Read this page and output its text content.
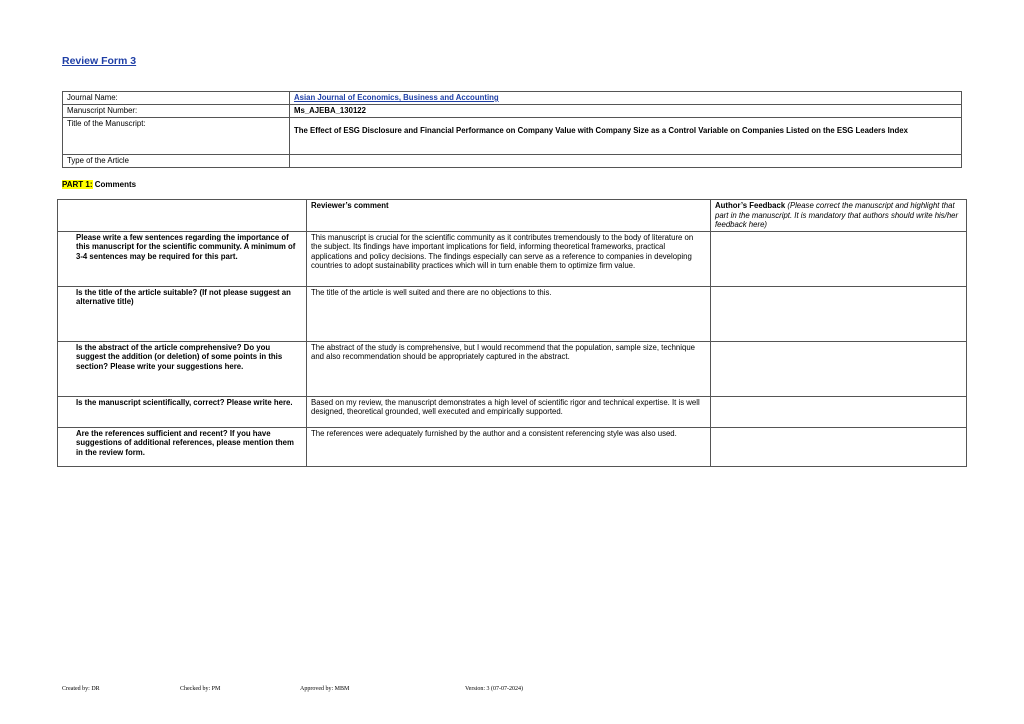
Review Form 3
Journal Name:	Asian Journal of Economics, Business and Accounting
Manuscript Number:	Ms_AJEBA_130122
Title of the Manuscript:	The Effect of ESG Disclosure and Financial Performance on Company Value with Company Size as a Control Variable on Companies Listed on the ESG Leaders Index
Type of the Article	
PART 1: Comments
	Reviewer’s comment	Author’s Feedback (Please correct the manuscript and highlight that part in the manuscript. It is mandatory that authors should write his/her feedback here)
Please write a few sentences regarding the importance of this manuscript for the scientific community. A minimum of 3-4 sentences may be required for this part.	This manuscript is crucial for the scientific community as it contributes tremendously to the body of literature on the subject. Its findings have important implications for field, informing theoretical frameworks, practical applications and policy decisions. The findings especially can serve as a reference to companies in developing countries to adopt sustainability practices which will in turn enable them to optimize firm value.	
Is the title of the article suitable? (If not please suggest an alternative title)	The title of the article is well suited and there are no objections to this.	
Is the abstract of the article comprehensive? Do you suggest the addition (or deletion) of some points in this section? Please write your suggestions here.	The abstract of the study is comprehensive, but I would recommend that the population, sample size, technique and also recommendation should be appropriately captured in the abstract.	
Is the manuscript scientifically, correct? Please write here.	Based on my review, the manuscript demonstrates a high level of scientific rigor and technical expertise. It is well designed, theoretical grounded, well executed and empirically supported.	
Are the references sufficient and recent? If you have suggestions of additional references, please mention them in the review form.	The references were adequately furnished by the author and a consistent referencing style was also used.	
Created by: DR	Checked by: PM	Approved by: MBM	Version: 3 (07-07-2024)
